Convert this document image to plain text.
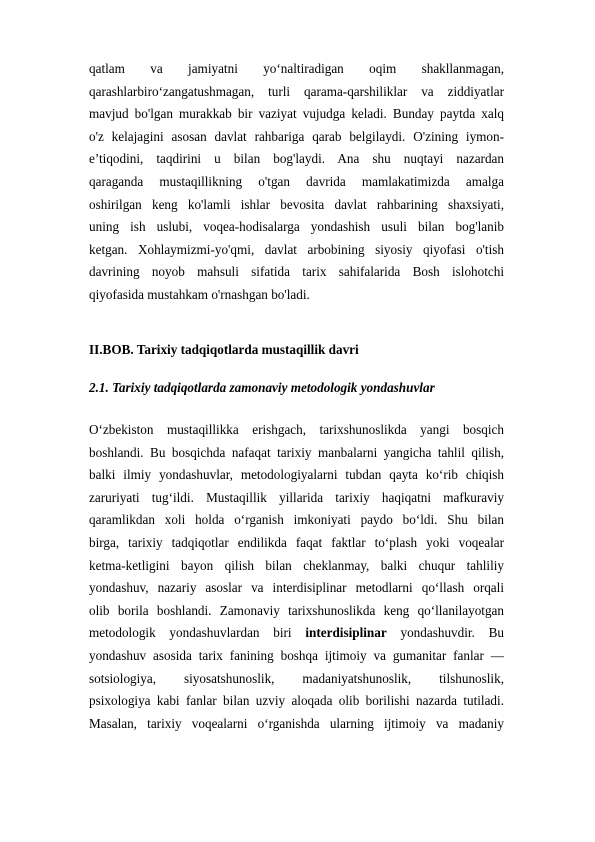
qatlam va jamiyatni yo‘naltiradigan oqim shakllanmagan,
qarashlarbiro‘zangatushmagan, turli qarama-qarshiliklar va ziddiyatlar
mavjud bo'lgan murakkab bir vaziyat vujudga keladi. Bunday paytda xalq
o'z kelajagini asosan davlat rahbariga qarab belgilaydi. O'zining iymon-
e’tiqodini, taqdirini u bilan bog'laydi. Ana shu nuqtayi nazardan
qaraganda mustaqillikning o'tgan davrida mamlakatimizda amalga
oshirilgan keng ko'lamli ishlar bevosita davlat rahbarining shaxsiyati,
uning ish uslubi, voqea-hodisalarga yondashish usuli bilan bog'lanib
ketgan. Xohlaymizmi-yo'qmi, davlat arbobining siyosiy qiyofasi o'tish
davrining noyob mahsuli sifatida tarix sahifalarida Bosh islohotchi
qiyofasida mustahkam o'rnashgan bo'ladi.
II.BOB. Tarixiy tadqiqotlarda mustaqillik davri
2.1. Tarixiy tadqiqotlarda zamonaviy metodologik yondashuvlar
O‘zbekiston mustaqillikka erishgach, tarixshunoslikda yangi bosqich
boshlandi. Bu bosqichda nafaqat tarixiy manbalarni yangicha tahlil qilish,
balki ilmiy yondashuvlar, metodologiyalarni tubdan qayta ko‘rib chiqish
zaruriyati tug‘ildi. Mustaqillik yillarida tarixiy haqiqatni mafkuraviy
qaramlikdan xoli holda o‘rganish imkoniyati paydo bo‘ldi. Shu bilan
birga, tarixiy tadqiqotlar endilikda faqat faktlar to‘plash yoki voqealar
ketma-ketligini bayon qilish bilan cheklanmay, balki chuqur tahliliy
yondashuv, nazariy asoslar va interdisiplinar metodlarni qo‘llash orqali
olib borila boshlandi. Zamonaviy tarixshunoslikda keng qo‘llanilayotgan
metodologik yondashuvlardan biri interdisiplinar yondashuvdir. Bu
yondashuv asosida tarix fanining boshqa ijtimoiy va gumanitar fanlar —
sotsiologiya, siyosatshunoslik, madaniyatshunoslik, tilshunoslik,
psixologiya kabi fanlar bilan uzviy aloqada olib borilishi nazarda tutiladi.
Masalan, tarixiy voqealarni o‘rganishda ularning ijtimoiy va madaniy
